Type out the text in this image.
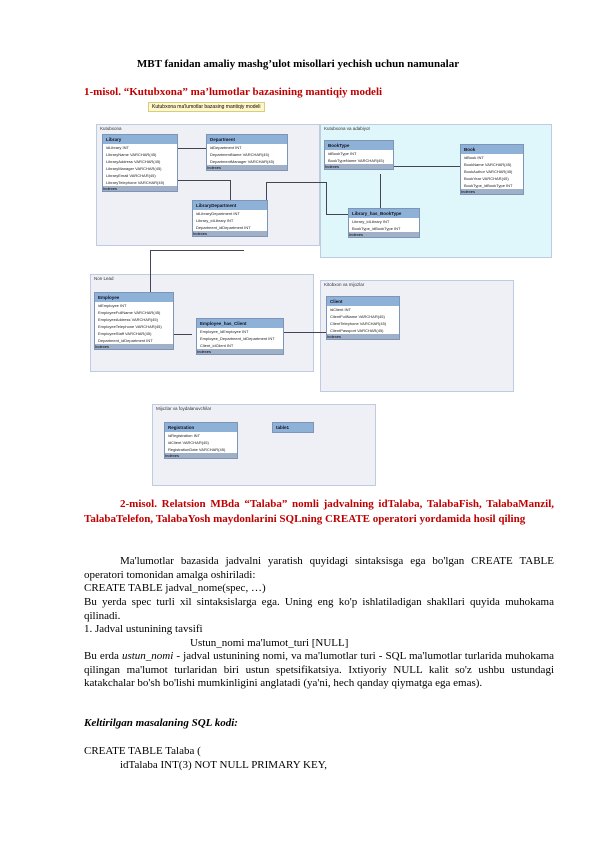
MBT fanidan amaliy mashg’ulot misollari yechish uchun namunalar
1-misol. “Kutubxona” ma’lumotlar bazasining mantiqiy modeli
Kutubxona ma'lumotlar bazasing mantiqiy modeli
Kutubxona	Kutubxona va adabiyot
Non Lead
Kitobxon va mijozlar
Mijozlar va foydalanuvchilar
Library
idLibrary INT
LibraryName VARCHAR(45)
LibraryAddress VARCHAR(45)
LibraryManager VARCHAR(45)
LibraryEmail VARCHAR(45)
LibraryTelephone VARCHAR(45)
Indexes
Department
idDepartment INT
DepartmentName VARCHAR(45)
DepartmentManager VARCHAR(45)
Indexes
LibraryDepartment
idLibraryDepartment INT
Library_idLibrary INT
Department_idDepartment INT
Indexes
BookType
idBookType INT
BookTypeName VARCHAR(45)
Indexes
Book
idBook INT
BookName VARCHAR(45)
BookAuthor VARCHAR(45)
BookYear VARCHAR(45)
BookType_idBookType INT
Indexes
Library_has_BookType
Library_idLibrary INT
BookType_idBookType INT
Indexes
Employee
idEmployee INT
EmployeeFullName VARCHAR(45)
EmployeeAddress VARCHAR(45)
EmployeeTelephone VARCHAR(45)
EmployeeStaff VARCHAR(45)
Department_idDepartment INT
Indexes
Employee_has_Client
Employee_idEmployee INT
Employee_Department_idDepartment INT
Client_idClient INT
Indexes
Client
idClient INT
ClientFullName VARCHAR(45)
ClientTelephone VARCHAR(45)
ClientPassport VARCHAR(45)
Indexes
Registration
idRegistration INT
idClient VARCHAR(45)
RegistrationDate VARCHAR(45)
Indexes
table1
2-misol. Relatsion MBda “Talaba” nomli jadvalning idTalaba, TalabaFish, TalabaManzil, TalabaTelefon, TalabaYosh maydonlarini SQLning CREATE operatori yordamida hosil qiling
Ma'lumotlar bazasida jadvalni yaratish quyidagi sintaksisga ega bo'lgan CREATE TABLE operatori tomonidan amalga oshiriladi:
CREATE TABLE jadval_nome(spec, …)
Bu yerda spec turli xil sintaksislarga ega. Uning eng ko'p ishlatiladigan shakllari quyida muhokama qilinadi.
1. Jadval ustunining tavsifi
Ustun_nomi ma'lumot_turi [NULL]
Bu erda ustun_nomi - jadval ustunining nomi, va ma'lumotlar turi - SQL ma'lumotlar turlarida muhokama qilingan ma'lumot turlaridan biri ustun spetsifikatsiya. Ixtiyoriy NULL kalit so'z ushbu ustundagi katakchalar bo'sh bo'lishi mumkinligini anglatadi (ya'ni, hech qanday qiymatga ega emas).
Keltirilgan masalaning SQL kodi:
CREATE TABLE Talaba (
idTalaba INT(3) NOT NULL PRIMARY KEY,
